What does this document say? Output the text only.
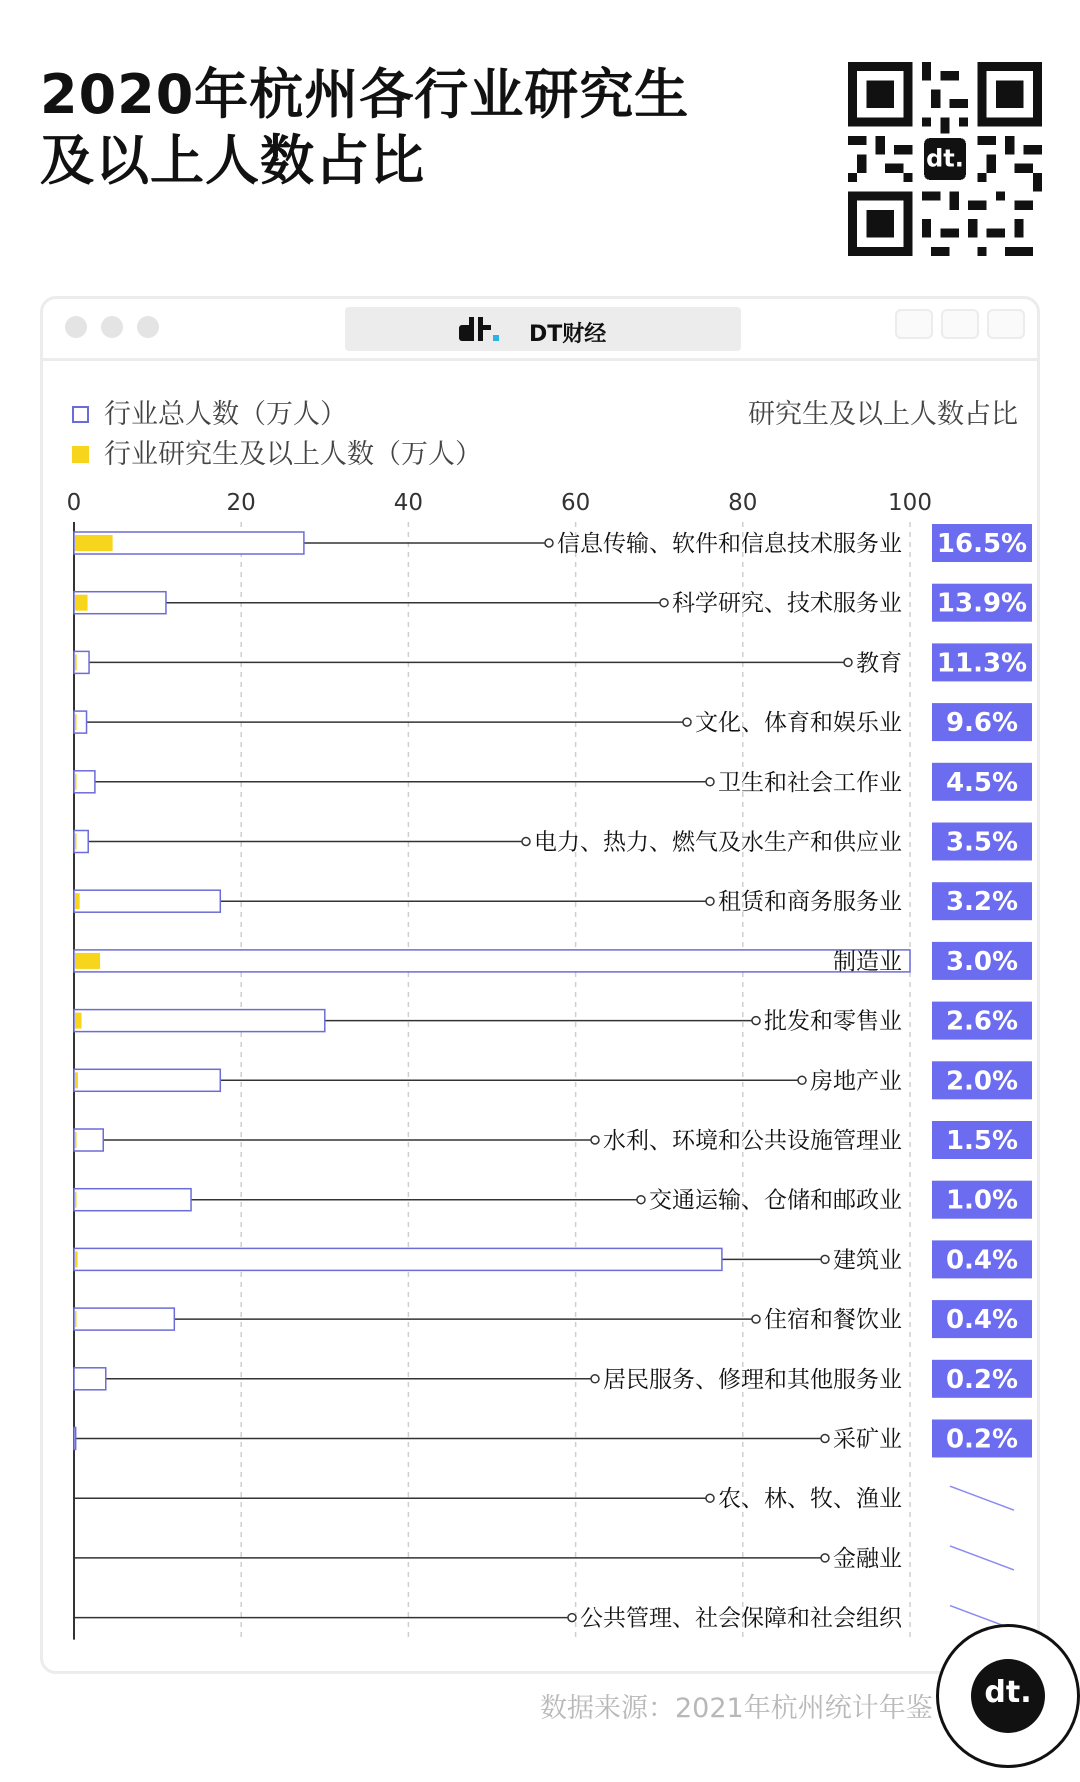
2020年杭州各行业研究生
及以上人数占比	dt.
DT财经
行业总人数（万人）
行业研究生及以上人数（万人）
研究生及以上人数占比
0	20	40	60	80	100
信息传输、软件和信息技术服务业 16.5%
科学研究、技术服务业 13.9%
教育 11.3%
文化、体育和娱乐业 9.6%
卫生和社会工作业 4.5%
电力、热力、燃气及水生产和供应业 3.5%
租赁和商务服务业 3.2%
制造业 3.0%
批发和零售业 2.6%
房地产业 2.0%
水利、环境和公共设施管理业 1.5%
交通运输、仓储和邮政业 1.0%
建筑业 0.4%
住宿和餐饮业 0.4%
居民服务、修理和其他服务业 0.2%
采矿业 0.2%
农、林、牧、渔业
金融业
公共管理、社会保障和社会组织
数据来源：2021年杭州统计年鉴	dt.
